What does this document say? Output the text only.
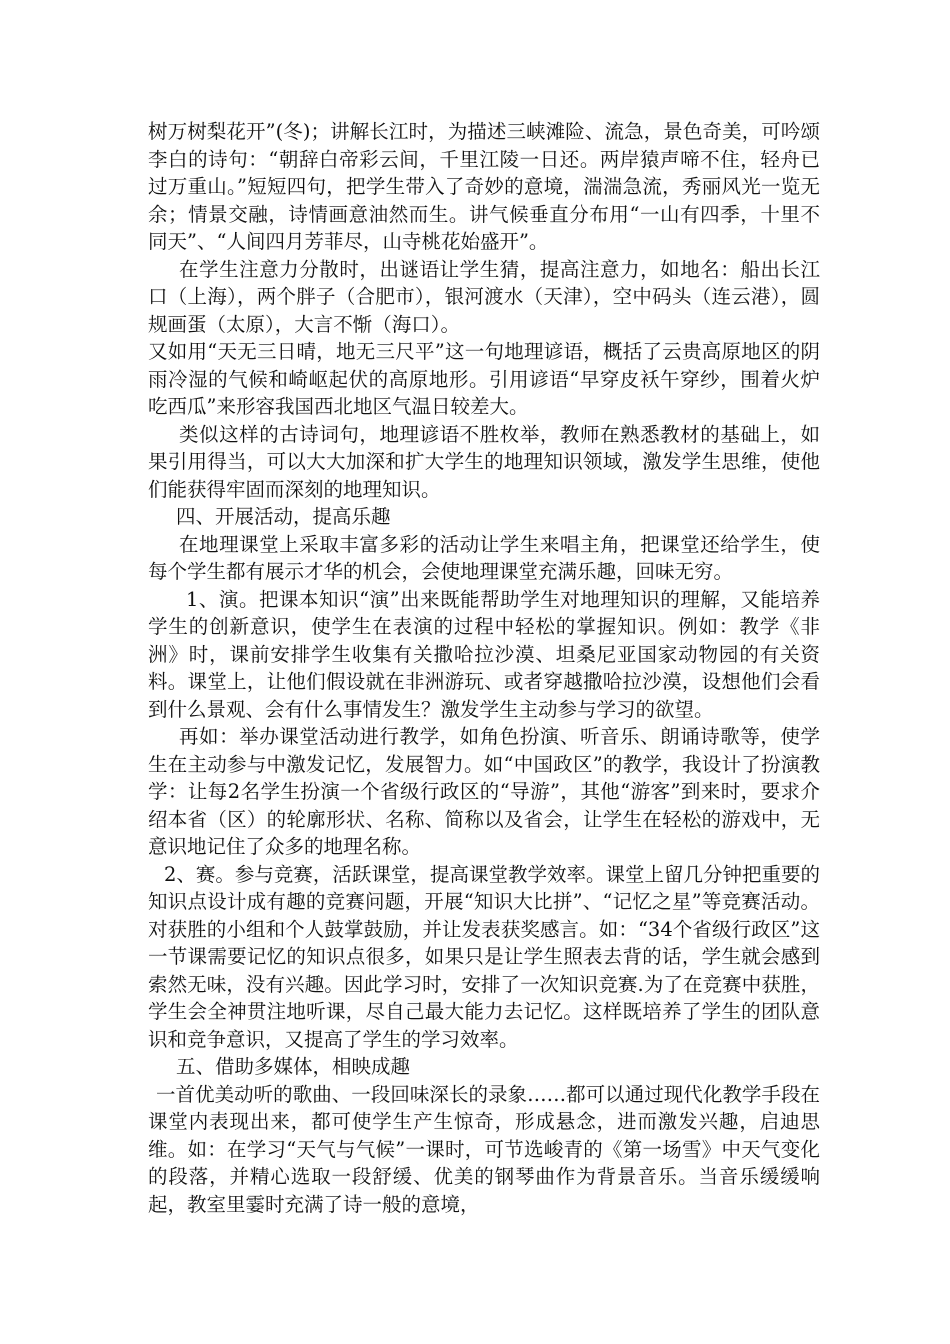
树万树梨花开”(冬)；讲解长江时，为描述三峡滩险、流急，景色奇美，可吟颂李白的诗句：“朝辞白帝彩云间，千里江陵一日还。两岸猿声啼不住，轻舟已过万重山。”短短四句，把学生带入了奇妙的意境，湍湍急流，秀丽风光一览无余；情景交融，诗情画意油然而生。讲气候垂直分布用“一山有四季，十里不同天”、“人间四月芳菲尽，山寺桃花始盛开”。

在学生注意力分散时，出谜语让学生猜，提高注意力，如地名：船出长江口（上海），两个胖子（合肥市），银河渡水（天津），空中码头（连云港），圆规画蛋（太原），大言不惭（海口）。

又如用“天无三日晴，地无三尺平”这一句地理谚语，概括了云贵高原地区的阴雨冷湿的气候和崎岖起伏的高原地形。引用谚语“早穿皮袄午穿纱，围着火炉吃西瓜”来形容我国西北地区气温日较差大。

类似这样的古诗词句，地理谚语不胜枚举，教师在熟悉教材的基础上，如果引用得当，可以大大加深和扩大学生的地理知识领域，激发学生思维，使他们能获得牢固而深刻的地理知识。

四、开展活动，提高乐趣

在地理课堂上采取丰富多彩的活动让学生来唱主角，把课堂还给学生，使每个学生都有展示才华的机会，会使地理课堂充满乐趣，回味无穷。

1、演。把课本知识“演”出来既能帮助学生对地理知识的理解，又能培养学生的创新意识，使学生在表演的过程中轻松的掌握知识。例如：教学《非洲》时，课前安排学生收集有关撒哈拉沙漠、坦桑尼亚国家动物园的有关资料。课堂上，让他们假设就在非洲游玩、或者穿越撒哈拉沙漠，设想他们会看到什么景观、会有什么事情发生？激发学生主动参与学习的欲望。

再如：举办课堂活动进行教学，如角色扮演、听音乐、朗诵诗歌等，使学生在主动参与中激发记忆，发展智力。如“中国政区”的教学，我设计了扮演教学：让每2名学生扮演一个省级行政区的“导游”，其他“游客”到来时，要求介绍本省（区）的轮廓形状、名称、简称以及省会，让学生在轻松的游戏中，无意识地记住了众多的地理名称。

2、赛。参与竞赛，活跃课堂，提高课堂教学效率。课堂上留几分钟把重要的知识点设计成有趣的竞赛问题，开展“知识大比拼”、“记忆之星”等竞赛活动。对获胜的小组和个人鼓掌鼓励，并让发表获奖感言。如：“34个省级行政区”这一节课需要记忆的知识点很多，如果只是让学生照表去背的话，学生就会感到索然无味，没有兴趣。因此学习时，安排了一次知识竞赛.为了在竞赛中获胜，学生会全神贯注地听课，尽自己最大能力去记忆。这样既培养了学生的团队意识和竞争意识，又提高了学生的学习效率。

五、借助多媒体，相映成趣

一首优美动听的歌曲、一段回味深长的录象……都可以通过现代化教学手段在课堂内表现出来，都可使学生产生惊奇，形成悬念，进而激发兴趣，启迪思维。如：在学习“天气与气候”一课时，可节选峻青的《第一场雪》中天气变化的段落，并精心选取一段舒缓、优美的钢琴曲作为背景音乐。当音乐缓缓响起，教室里霎时充满了诗一般的意境，
